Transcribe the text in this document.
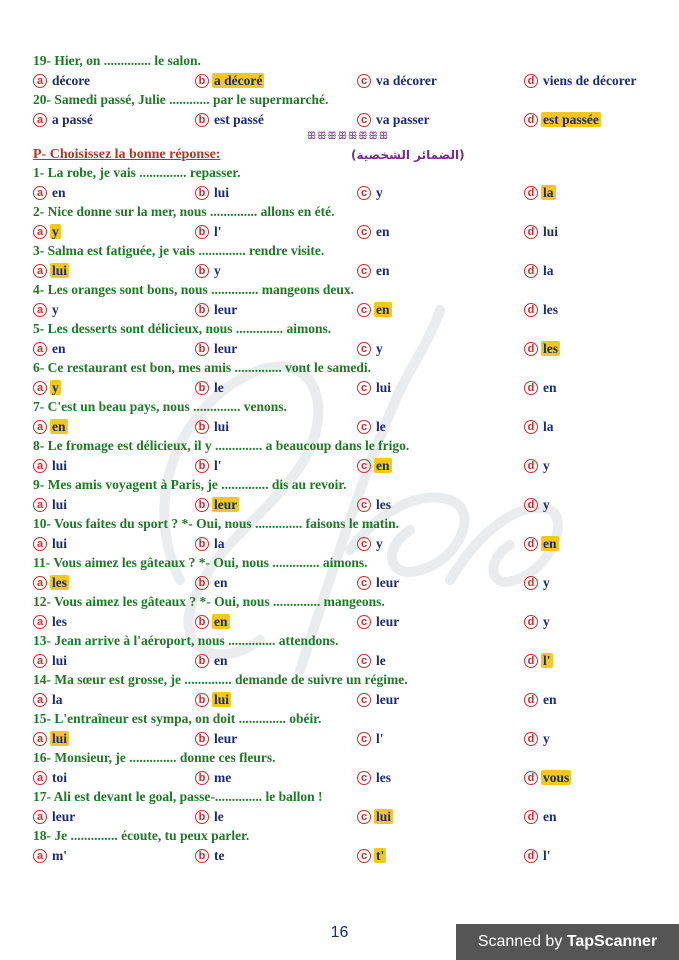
19- Hier, on .............. le salon.
a décore	b a décoré	c va décorer	d viens de décorer
20- Samedi passé, Julie ............ par le supermarché.
a a passé	b est passé	c va passer	d est passée
ꕥꕥꕥꕥꕥꕥꕥꕥ
P- Choisissez la bonne réponse:	(الضمائر الشخصية)
1- La robe, je vais .............. repasser.
a en	b lui	c y	d la
2- Nice donne sur la mer, nous .............. allons en été.
a y	b l'	c en	d lui
3- Salma est fatiguée, je vais .............. rendre visite.
a lui	b y	c en	d la
4- Les oranges sont bons, nous .............. mangeons deux.
a y	b leur	c en	d les
5- Les desserts sont délicieux, nous .............. aimons.
a en	b leur	c y	d les
6- Ce restaurant est bon, mes amis .............. vont le samedi.
a y	b le	c lui	d en
7- C'est un beau pays, nous .............. venons.
a en	b lui	c le	d la
8- Le fromage est délicieux, il y .............. a beaucoup dans le frigo.
a lui	b l'	c en	d y
9- Mes amis voyagent à Paris, je .............. dis au revoir.
a lui	b leur	c les	d y
10- Vous faites du sport ? *- Oui, nous .............. faisons le matin.
a lui	b la	c y	d en
11- Vous aimez les gâteaux ? *- Oui, nous .............. aimons.
a les	b en	c leur	d y
12- Vous aimez les gâteaux ? *- Oui, nous .............. mangeons.
a les	b en	c leur	d y
13- Jean arrive à l'aéroport, nous .............. attendons.
a lui	b en	c le	d l'
14- Ma sœur est grosse, je .............. demande de suivre un régime.
a la	b lui	c leur	d en
15- L'entraîneur est sympa, on doit .............. obéir.
a lui	b leur	c l'	d y
16- Monsieur, je .............. donne ces fleurs.
a toi	b me	c les	d vous
17- Ali est devant le goal, passe-.............. le ballon !
a leur	b le	c lui	d en
18- Je .............. écoute, tu peux parler.
a m'	b te	c t'	d l'
16
Scanned by TapScanner
